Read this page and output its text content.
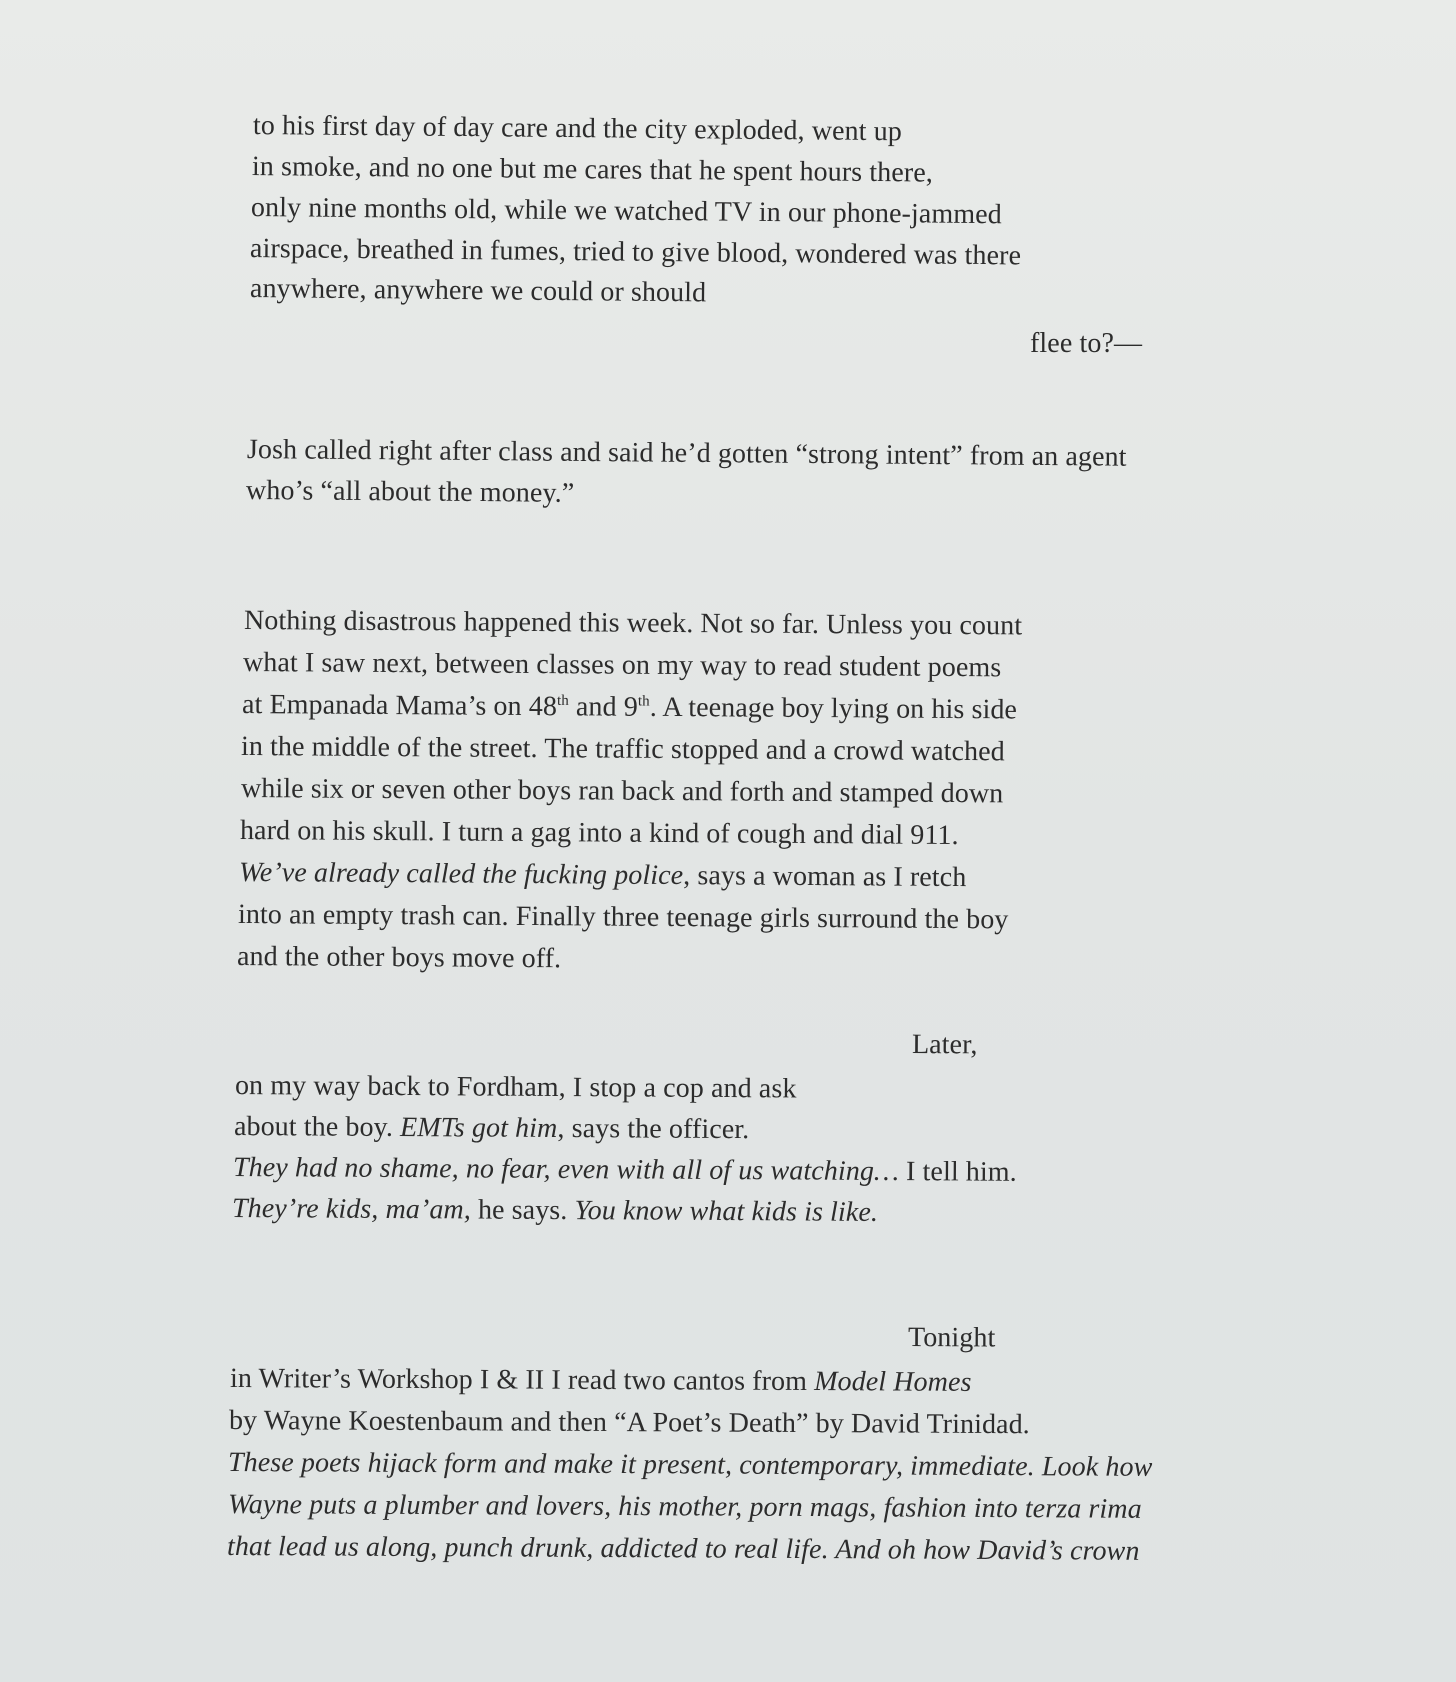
to his first day of day care and the city exploded, went up
in smoke, and no one but me cares that he spent hours there,
only nine months old, while we watched TV in our phone-jammed
airspace, breathed in fumes, tried to give blood, wondered was there
anywhere, anywhere we could or should
flee to?—
Josh called right after class and said he’d gotten “strong intent” from an agent
who’s “all about the money.”
Nothing disastrous happened this week. Not so far. Unless you count
what I saw next, between classes on my way to read student poems
at Empanada Mama’s on 48th and 9th. A teenage boy lying on his side
in the middle of the street. The traffic stopped and a crowd watched
while six or seven other boys ran back and forth and stamped down
hard on his skull. I turn a gag into a kind of cough and dial 911.
We’ve already called the fucking police, says a woman as I retch
into an empty trash can. Finally three teenage girls surround the boy
and the other boys move off.
Later,
on my way back to Fordham, I stop a cop and ask
about the boy. EMTs got him, says the officer.
They had no shame, no fear, even with all of us watching… I tell him.
They’re kids, ma’am, he says. You know what kids is like.
Tonight
in Writer’s Workshop I & II I read two cantos from Model Homes
by Wayne Koestenbaum and then “A Poet’s Death” by David Trinidad.
These poets hijack form and make it present, contemporary, immediate. Look how
Wayne puts a plumber and lovers, his mother, porn mags, fashion into terza rima
that lead us along, punch drunk, addicted to real life. And oh how David’s crown
